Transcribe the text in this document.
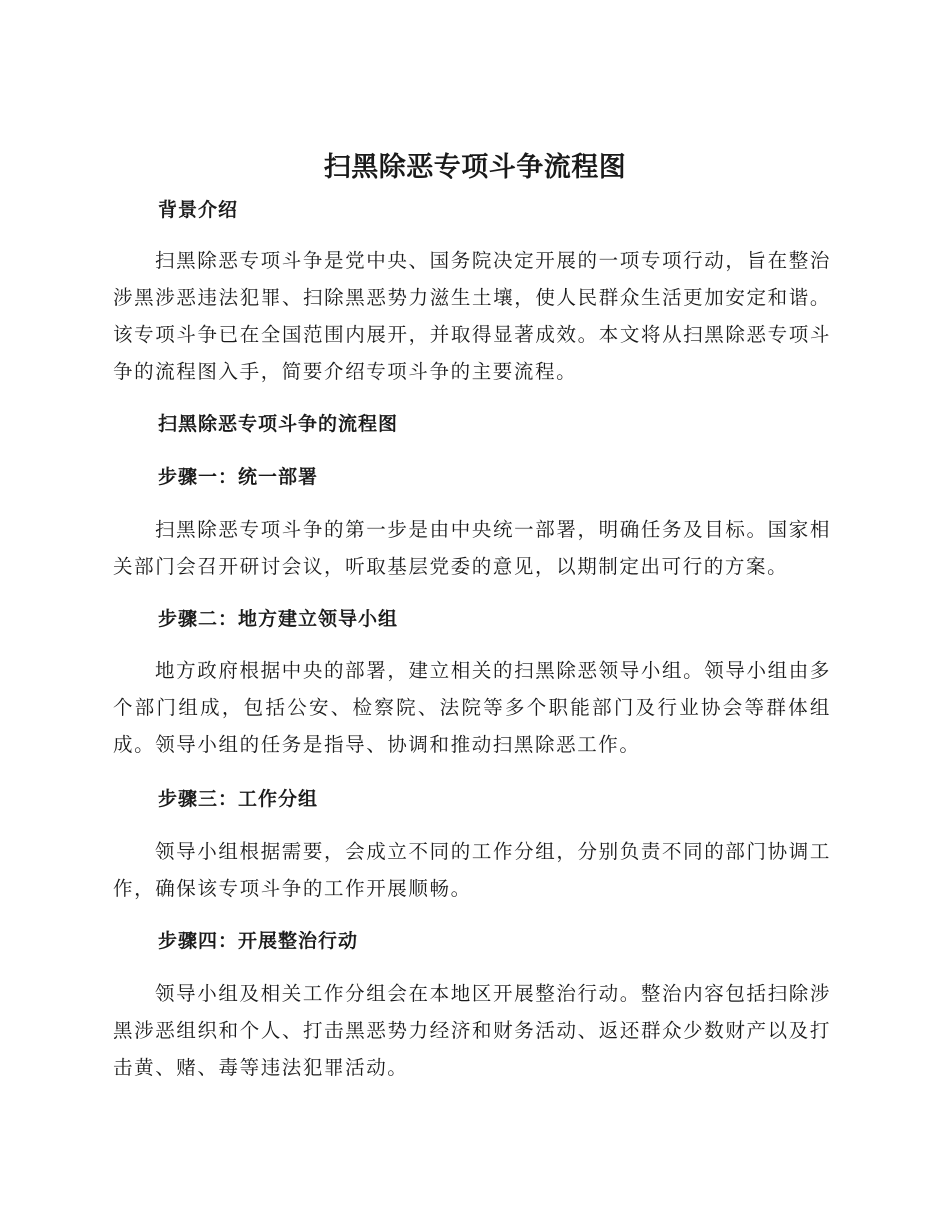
扫黑除恶专项斗争流程图
背景介绍
扫黑除恶专项斗争是党中央、国务院决定开展的一项专项行动，旨在整治涉黑涉恶违法犯罪、扫除黑恶势力滋生土壤，使人民群众生活更加安定和谐。该专项斗争已在全国范围内展开，并取得显著成效。本文将从扫黑除恶专项斗争的流程图入手，简要介绍专项斗争的主要流程。
扫黑除恶专项斗争的流程图
步骤一：统一部署
扫黑除恶专项斗争的第一步是由中央统一部署，明确任务及目标。国家相关部门会召开研讨会议，听取基层党委的意见，以期制定出可行的方案。
步骤二：地方建立领导小组
地方政府根据中央的部署，建立相关的扫黑除恶领导小组。领导小组由多个部门组成，包括公安、检察院、法院等多个职能部门及行业协会等群体组成。领导小组的任务是指导、协调和推动扫黑除恶工作。
步骤三：工作分组
领导小组根据需要，会成立不同的工作分组，分别负责不同的部门协调工作，确保该专项斗争的工作开展顺畅。
步骤四：开展整治行动
领导小组及相关工作分组会在本地区开展整治行动。整治内容包括扫除涉黑涉恶组织和个人、打击黑恶势力经济和财务活动、返还群众少数财产以及打击黄、赌、毒等违法犯罪活动。
